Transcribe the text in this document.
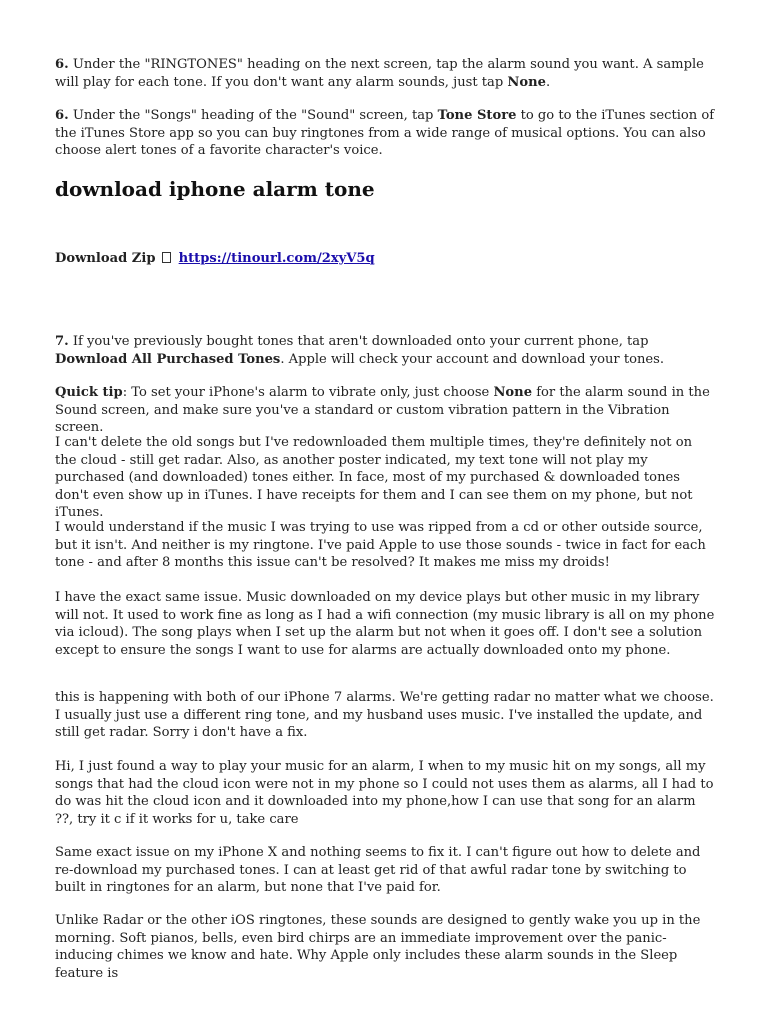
6. Under the "RINGTONES" heading on the next screen, tap the alarm sound you want. A sample will play for each tone. If you don't want any alarm sounds, just tap None.

6. Under the "Songs" heading of the "Sound" screen, tap Tone Store to go to the iTunes section of the iTunes Store app so you can buy ringtones from a wide range of musical options. You can also choose alert tones of a favorite character's voice.

download iphone alarm tone

Download Zip https://tinourl.com/2xyV5q

7. If you've previously bought tones that aren't downloaded onto your current phone, tap Download All Purchased Tones. Apple will check your account and download your tones.

Quick tip: To set your iPhone's alarm to vibrate only, just choose None for the alarm sound in the Sound screen, and make sure you've a standard or custom vibration pattern in the Vibration screen.

I can't delete the old songs but I've redownloaded them multiple times, they're definitely not on the cloud - still get radar. Also, as another poster indicated, my text tone will not play my purchased (and downloaded) tones either. In face, most of my purchased & downloaded tones don't even show up in iTunes. I have receipts for them and I can see them on my phone, but not iTunes.

I would understand if the music I was trying to use was ripped from a cd or other outside source, but it isn't. And neither is my ringtone. I've paid Apple to use those sounds - twice in fact for each tone - and after 8 months this issue can't be resolved? It makes me miss my droids!

I have the exact same issue. Music downloaded on my device plays but other music in my library will not. It used to work fine as long as I had a wifi connection (my music library is all on my phone via icloud). The song plays when I set up the alarm but not when it goes off. I don't see a solution except to ensure the songs I want to use for alarms are actually downloaded onto my phone.

this is happening with both of our iPhone 7 alarms. We're getting radar no matter what we choose. I usually just use a different ring tone, and my husband uses music. I've installed the update, and still get radar. Sorry i don't have a fix.

Hi, I just found a way to play your music for an alarm, I when to my music hit on my songs, all my songs that had the cloud icon were not in my phone so I could not uses them as alarms, all I had to do was hit the cloud icon and it downloaded into my phone,how I can use that song for an alarm ??, try it c if it works for u, take care

Same exact issue on my iPhone X and nothing seems to fix it. I can't figure out how to delete and re-download my purchased tones. I can at least get rid of that awful radar tone by switching to built in ringtones for an alarm, but none that I've paid for.

Unlike Radar or the other iOS ringtones, these sounds are designed to gently wake you up in the morning. Soft pianos, bells, even bird chirps are an immediate improvement over the panic-inducing chimes we know and hate. Why Apple only includes these alarm sounds in the Sleep feature is
